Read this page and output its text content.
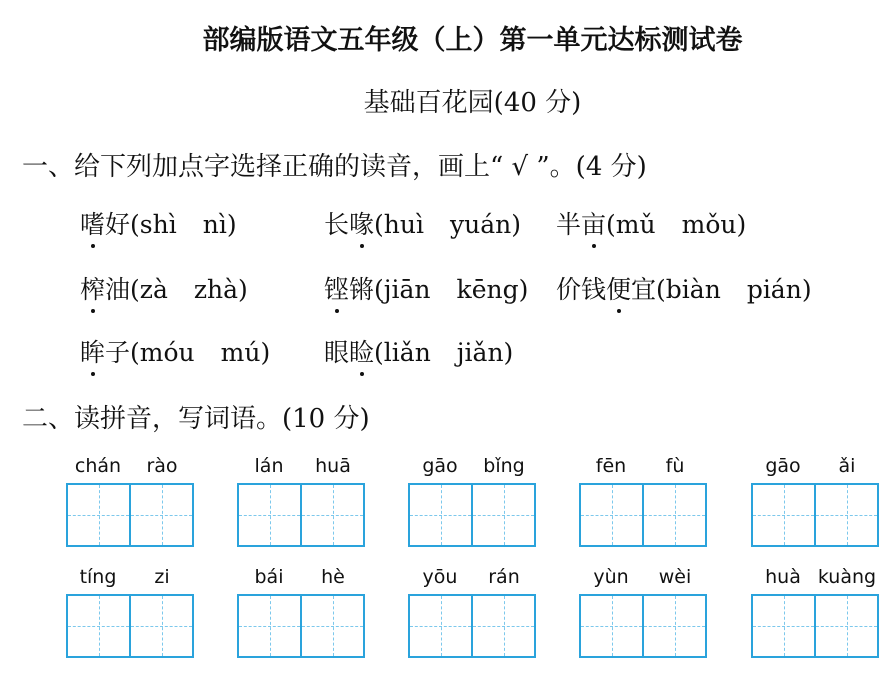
部编版语文五年级（上）第一单元达标测试卷
基础百花园(40 分)
一、给下列加点字选择正确的读音，画上“ √ ”。(4 分)
嗜好(shì nì)	长喙(huì yuán) 半亩(mǔ mǒu)
榨油(zà zhà)	铿锵(jiān kēng) 价钱便宜(biàn pián)
眸子(móu mú) 眼睑(liǎn jiǎn)
二、读拼音，写词语。(10 分)
chán	rào	lán	huā	gāo	bǐng	fēn	fù	gāo	ǎi
tíng	zi	bái	hè	yōu	rán	yùn	wèi	huà kuàng
